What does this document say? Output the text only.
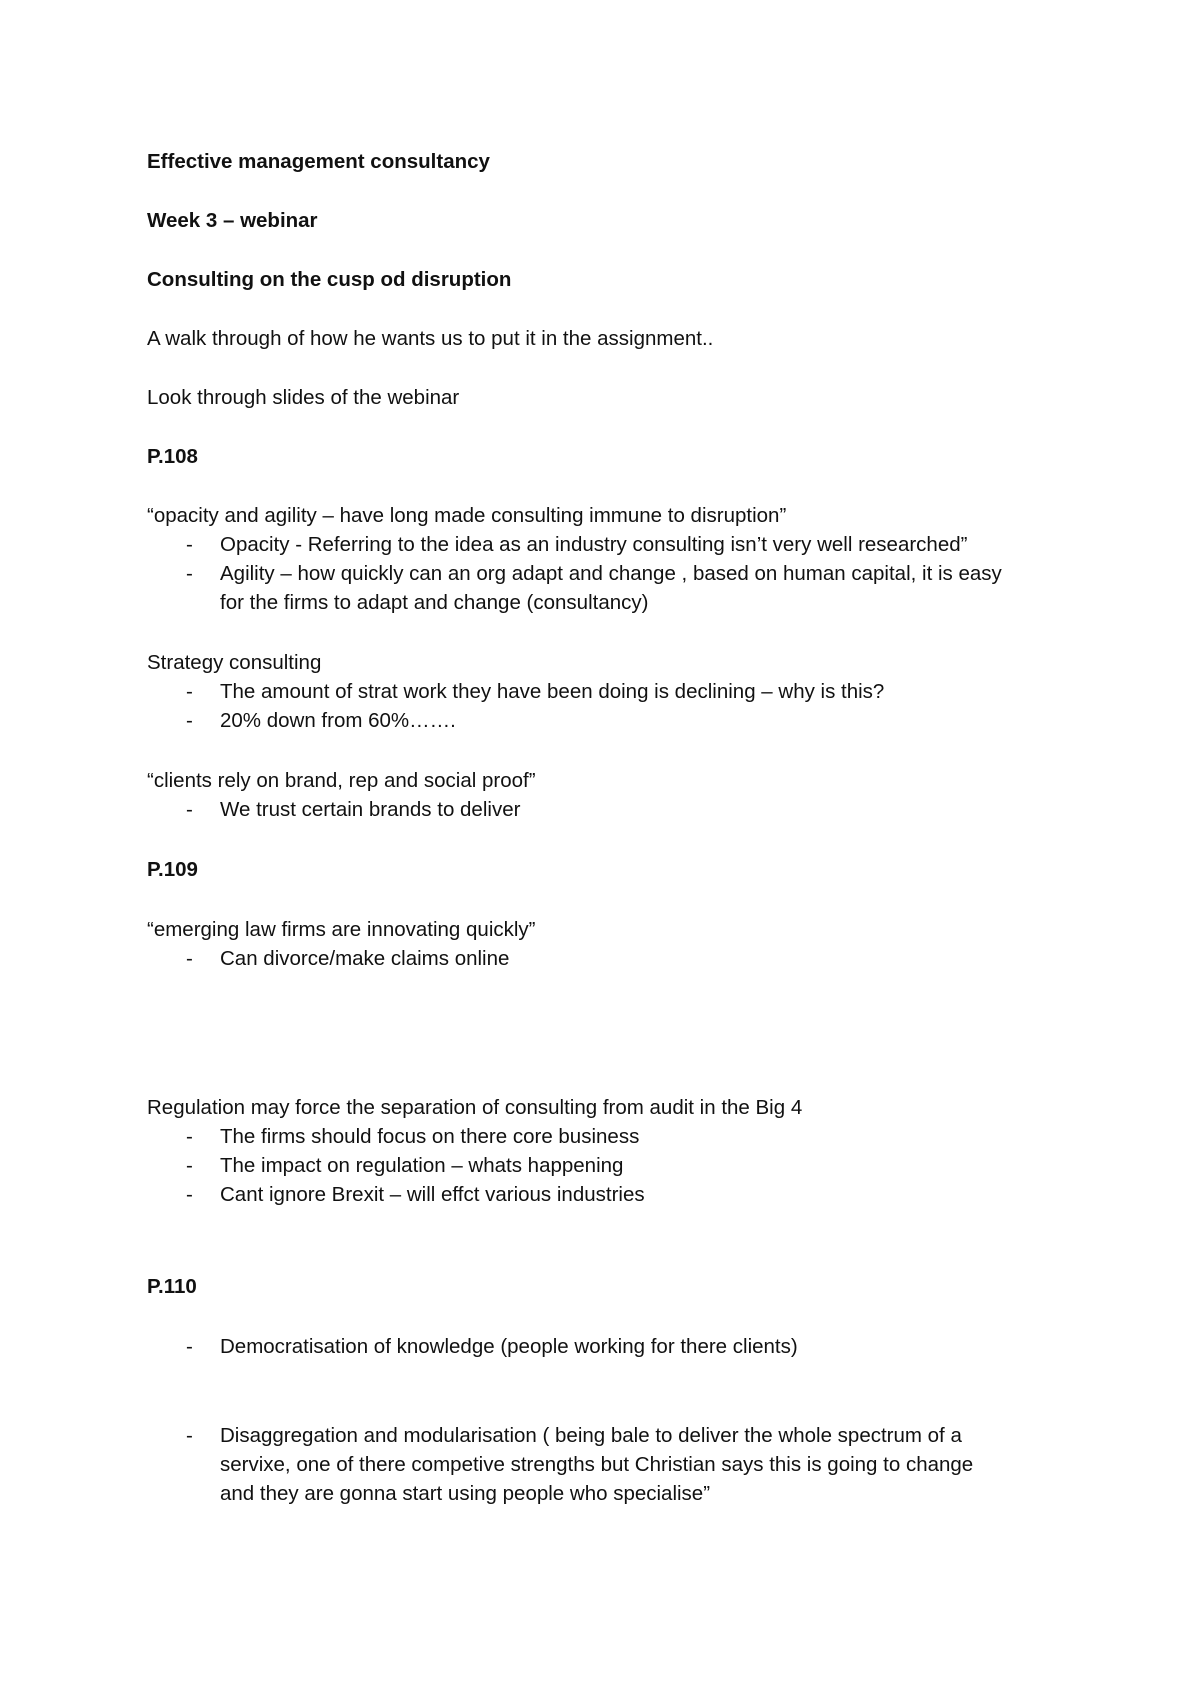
Effective management consultancy
Week 3 – webinar
Consulting on the cusp od disruption
A walk through of how he wants us to put it in the assignment..
Look through slides of the webinar
P.108
“opacity and agility – have long made consulting immune to disruption”
- Opacity - Referring to the idea as an industry consulting isn’t very well researched”
- Agility – how quickly can an org adapt and change , based on human capital, it is easy
for the firms to adapt and change (consultancy)
Strategy consulting
- The amount of strat work they have been doing is declining – why is this?
- 20% down from 60%…….
“clients rely on brand, rep and social proof”
- We trust certain brands to deliver
P.109
“emerging law firms are innovating quickly”
- Can divorce/make claims online
Regulation may force the separation of consulting from audit in the Big 4
- The firms should focus on there core business
- The impact on regulation – whats happening
- Cant ignore Brexit – will effct various industries
P.110
- Democratisation of knowledge (people working for there clients)
- Disaggregation and modularisation ( being bale to deliver the whole spectrum of a
servixe, one of there competive strengths but Christian says this is going to change
and they are gonna start using people who specialise”
